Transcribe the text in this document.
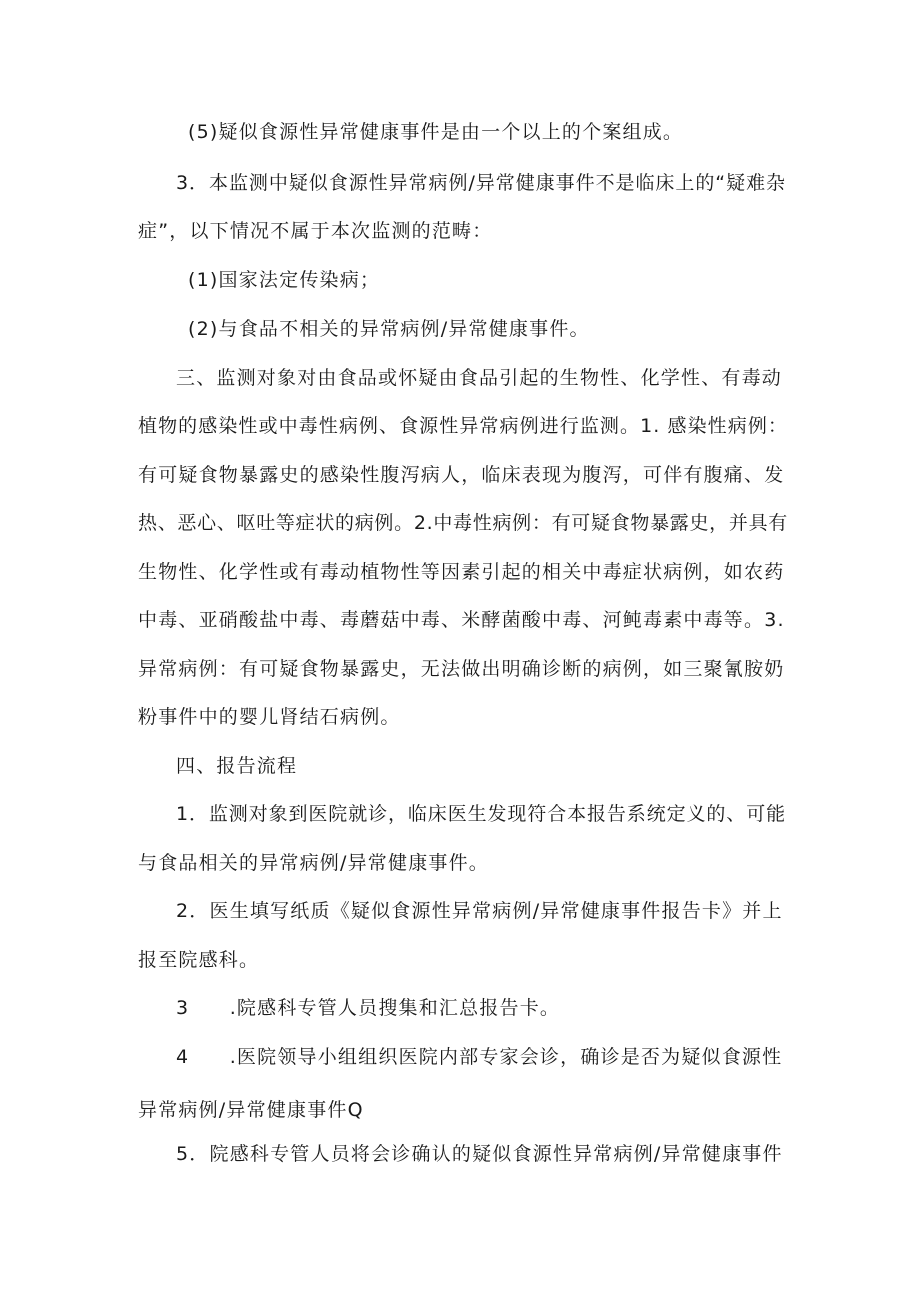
(5)疑似食源性异常健康事件是由一个以上的个案组成。
3．本监测中疑似食源性异常病例/异常健康事件不是临床上的“疑难杂
症”，以下情况不属于本次监测的范畴：
(1)国家法定传染病；
(2)与食品不相关的异常病例/异常健康事件。
三、监测对象对由食品或怀疑由食品引起的生物性、化学性、有毒动
植物的感染性或中毒性病例、食源性异常病例进行监测。1. 感染性病例：
有可疑食物暴露史的感染性腹泻病人，临床表现为腹泻，可伴有腹痛、发
热、恶心、呕吐等症状的病例。2.中毒性病例：有可疑食物暴露史，并具有
生物性、化学性或有毒动植物性等因素引起的相关中毒症状病例，如农药
中毒、亚硝酸盐中毒、毒蘑菇中毒、米酵菌酸中毒、河鲀毒素中毒等。3.
异常病例：有可疑食物暴露史，无法做出明确诊断的病例，如三聚氰胺奶
粉事件中的婴儿肾结石病例。
四、报告流程
1．监测对象到医院就诊，临床医生发现符合本报告系统定义的、可能
与食品相关的异常病例/异常健康事件。
2．医生填写纸质《疑似食源性异常病例/异常健康事件报告卡》并上
报至院感科。
3　　.院感科专管人员搜集和汇总报告卡。
4　　.医院领导小组组织医院内部专家会诊，确诊是否为疑似食源性
异常病例/异常健康事件Q
5．院感科专管人员将会诊确认的疑似食源性异常病例/异常健康事件
